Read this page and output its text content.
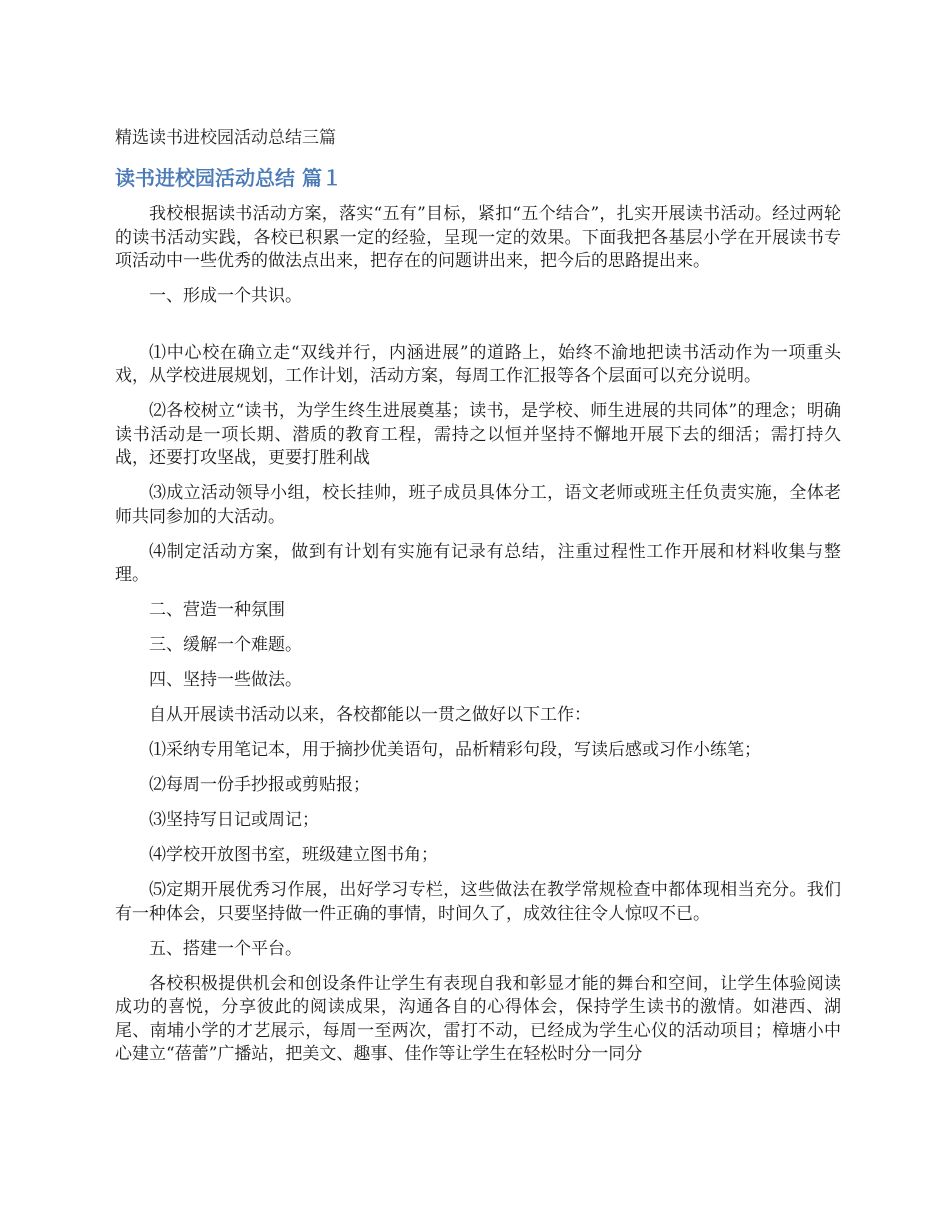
精选读书进校园活动总结三篇
读书进校园活动总结 篇１

我校根据读书活动方案，落实“五有”目标，紧扣“五个结合”，扎实开展读书活动。经过两轮的读书活动实践，各校已积累一定的经验，呈现一定的效果。下面我把各基层小学在开展读书专项活动中一些优秀的做法点出来，把存在的问题讲出来，把今后的思路提出来。

一、形成一个共识。

⑴中心校在确立走“双线并行，内涵进展”的道路上，始终不渝地把读书活动作为一项重头戏，从学校进展规划，工作计划，活动方案，每周工作汇报等各个层面可以充分说明。

⑵各校树立“读书，为学生终生进展奠基；读书，是学校、师生进展的共同体”的理念；明确读书活动是一项长期、潜质的教育工程，需持之以恒并坚持不懈地开展下去的细活；需打持久战，还要打攻坚战，更要打胜利战

⑶成立活动领导小组，校长挂帅，班子成员具体分工，语文老师或班主任负责实施，全体老师共同参加的大活动。

⑷制定活动方案，做到有计划有实施有记录有总结，注重过程性工作开展和材料收集与整理。

二、营造一种氛围

三、缓解一个难题。

四、坚持一些做法。

自从开展读书活动以来，各校都能以一贯之做好以下工作：

⑴采纳专用笔记本，用于摘抄优美语句，品析精彩句段，写读后感或习作小练笔；

⑵每周一份手抄报或剪贴报；

⑶坚持写日记或周记；

⑷学校开放图书室，班级建立图书角；

⑸定期开展优秀习作展，出好学习专栏，这些做法在教学常规检查中都体现相当充分。我们有一种体会，只要坚持做一件正确的事情，时间久了，成效往往令人惊叹不已。

五、搭建一个平台。

各校积极提供机会和创设条件让学生有表现自我和彰显才能的舞台和空间，让学生体验阅读成功的喜悦，分享彼此的阅读成果，沟通各自的心得体会，保持学生读书的激情。如港西、湖尾、南埔小学的才艺展示，每周一至两次，雷打不动，已经成为学生心仪的活动项目；樟塘小中心建立“蓓蕾”广播站，把美文、趣事、佳作等让学生在轻松时分一同分
